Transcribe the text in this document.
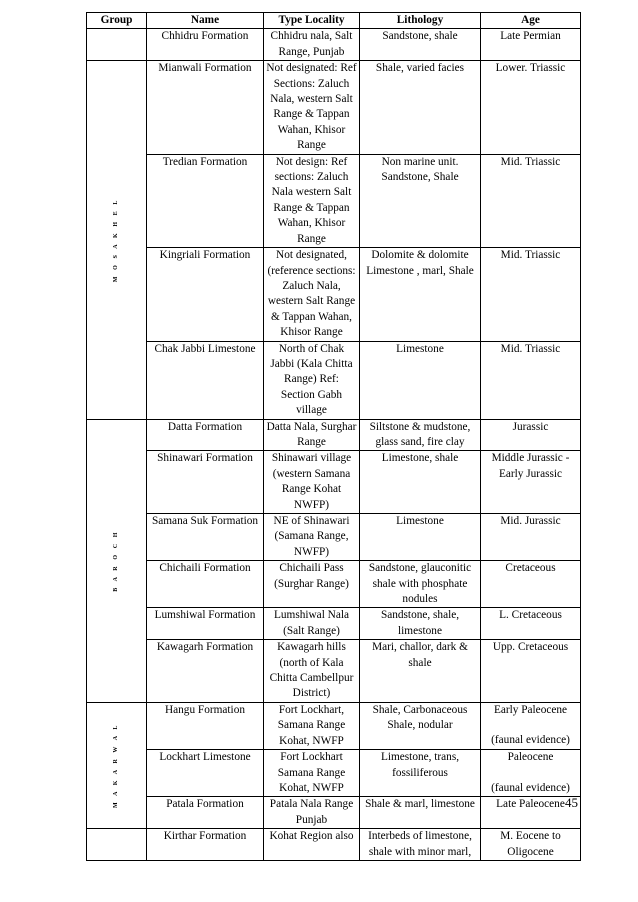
Group	Name	Type Locality	Lithology	Age
	Chhidru Formation	Chhidru nala, Salt Range, Punjab	Sandstone, shale	Late Permian

M O S A K H E L	Mianwali Formation	Not designated: Ref Sections: Zaluch Nala, western Salt Range & Tappan Wahan, Khisor Range	Shale, varied facies	Lower. Triassic
	Tredian Formation	Not design: Ref sections: Zaluch Nala western Salt Range & Tappan Wahan, Khisor Range	Non marine unit. Sandstone, Shale	Mid. Triassic
	Kingriali Formation	Not designated, (reference sections: Zaluch Nala, western Salt Range & Tappan Wahan, Khisor Range	Dolomite & dolomite Limestone , marl, Shale	Mid. Triassic
	Chak Jabbi Limestone	North of Chak Jabbi (Kala Chitta Range) Ref: Section Gabh village	Limestone	Mid. Triassic

B A R O C H	Datta Formation	Datta Nala, Surghar Range	Siltstone & mudstone, glass sand, fire clay	Jurassic
	Shinawari Formation	Shinawari village (western Samana Range Kohat NWFP)	Limestone, shale	Middle Jurassic - Early Jurassic
	Samana Suk Formation	NE of Shinawari (Samana Range, NWFP)	Limestone	Mid. Jurassic
	Chichaili Formation	Chichaili Pass (Surghar Range)	Sandstone, glauconitic shale with phosphate nodules	Cretaceous
	Lumshiwal Formation	Lumshiwal Nala (Salt Range)	Sandstone, shale, limestone	L. Cretaceous
	Kawagarh Formation	Kawagarh hills (north of Kala Chitta Cambellpur District)	Mari, challor, dark & shale	Upp. Cretaceous

M A K A R W A L	Hangu Formation	Fort Lockhart, Samana Range Kohat, NWFP	Shale, Carbonaceous Shale, nodular	Early Paleocene
(faunal evidence)

	Lockhart Limestone	Fort Lockhart Samana Range Kohat, NWFP	Limestone, trans, fossiliferous	Paleocene
(faunal evidence)

	Patala Formation	Patala Nala Range Punjab	Shale & marl, limestone	Late Paleocene
	Kirthar Formation	Kohat Region also	Interbeds of limestone, shale with minor marl,	M. Eocene to Oligocene
45
